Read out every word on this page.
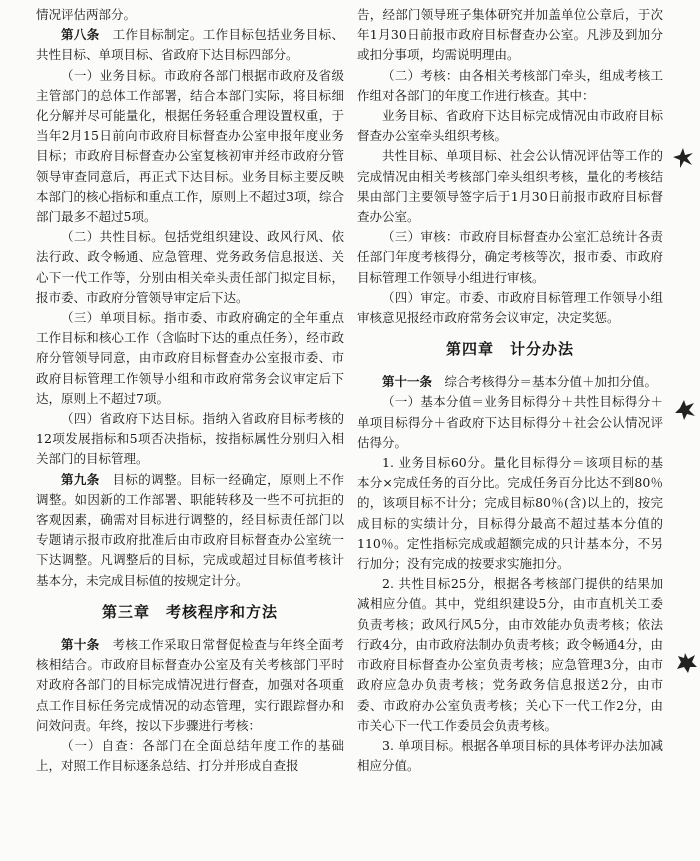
情况评估两部分。

第八条　 工作目标制定。工作目标包括业务目标、共性目标、单项目标、省政府下达目标四部分。

（一）业务目标。市政府各部门根据市政府及省级主管部门的总体工作部署，结合本部门实际，将目标细化分解并尽可能量化，根据任务轻重合理设置权重，于当年2月15日前向市政府目标督查办公室申报年度业务目标；市政府目标督查办公室复核初审并经市政府分管领导审查同意后，再正式下达目标。业务目标主要反映本部门的核心指标和重点工作，原则上不超过3项，综合部门最多不超过5项。

（二）共性目标。包括党组织建设、政风行风、依法行政、政令畅通、应急管理、党务政务信息报送、关心下一代工作等，分别由相关牵头责任部门拟定目标，报市委、市政府分管领导审定后下达。

（三）单项目标。指市委、市政府确定的全年重点工作目标和核心工作（含临时下达的重点任务），经市政府分管领导同意，由市政府目标督查办公室报市委、市政府目标管理工作领导小组和市政府常务会议审定后下达，原则上不超过7项。

（四）省政府下达目标。指纳入省政府目标考核的12项发展指标和5项否决指标，按指标属性分别归入相关部门的目标管理。

第九条　 目标的调整。目标一经确定，原则上不作调整。如因新的工作部署、职能转移及一些不可抗拒的客观因素，确需对目标进行调整的，经目标责任部门以专题请示报市政府批准后由市政府目标督查办公室统一下达调整。凡调整后的目标，完成或超过目标值考核计基本分，未完成目标值的按规定计分。

第三章　考核程序和方法

第十条　 考核工作采取日常督促检查与年终全面考核相结合。市政府目标督查办公室及有关考核部门平时对政府各部门的目标完成情况进行督查，加强对各项重点工作目标任务完成情况的动态管理，实行跟踪督办和问效问责。年终，按以下步骤进行考核：

（一）自查：各部门在全面总结年度工作的基础上，对照工作目标逐条总结、打分并形成自查报

告，经部门领导班子集体研究并加盖单位公章后，于次年1月30日前报市政府目标督查办公室。凡涉及到加分或扣分事项，均需说明理由。

（二）考核：由各相关考核部门牵头，组成考核工作组对各部门的年度工作进行核查。其中：

业务目标、省政府下达目标完成情况由市政府目标督查办公室牵头组织考核。

共性目标、单项目标、社会公认情况评估等工作的完成情况由相关考核部门牵头组织考核，量化的考核结果由部门主要领导签字后于1月30日前报市政府目标督查办公室。

（三）审核：市政府目标督查办公室汇总统计各责任部门年度考核得分，确定考核等次，报市委、市政府目标管理工作领导小组进行审核。

（四）审定。市委、市政府目标管理工作领导小组审核意见报经市政府常务会议审定，决定奖惩。

第四章　计分办法

第十一条　 综合考核得分＝基本分值＋加扣分值。

（一）基本分值＝业务目标得分＋共性目标得分＋单项目标得分＋省政府下达目标得分＋社会公认情况评估得分。

1. 业务目标60分。量化目标得分＝该项目标的基本分×完成任务的百分比。完成任务百分比达不到80％的，该项目标不计分；完成目标80％(含)以上的，按完成目标的实绩计分，目标得分最高不超过基本分值的110％。定性指标完成或超额完成的只计基本分，不另行加分；没有完成的按要求实施扣分。

2. 共性目标25分，根据各考核部门提供的结果加减相应分值。其中，党组织建设5分，由市直机关工委负责考核；政风行风5分，由市效能办负责考核；依法行政4分，由市政府法制办负责考核；政令畅通4分，由市政府目标督查办公室负责考核；应急管理3分，由市政府应急办负责考核；党务政务信息报送2分，由市委、市政府办公室负责考核；关心下一代工作2分，由市关心下一代工作委员会负责考核。

3. 单项目标。根据各单项目标的具体考评办法加减相应分值。
